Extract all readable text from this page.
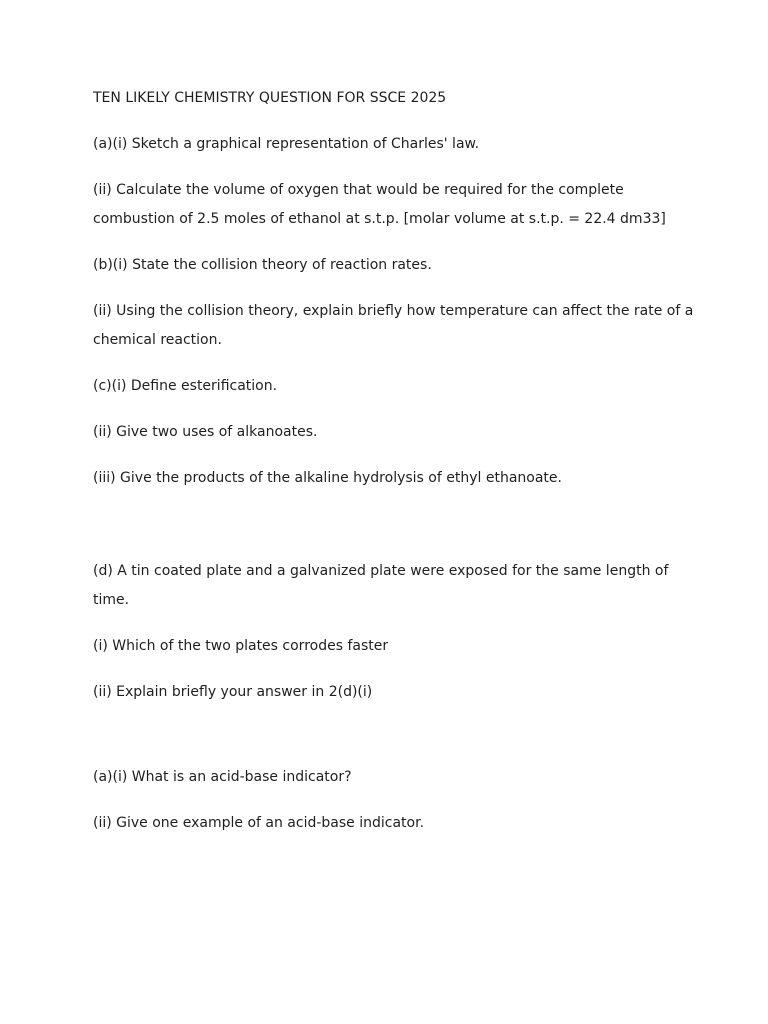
TEN LIKELY CHEMISTRY QUESTION FOR SSCE 2025
(a)(i) Sketch a graphical representation of Charles' law.
(ii) Calculate the volume of oxygen that would be required for the complete
combustion of 2.5 moles of ethanol at s.t.p. [molar volume at s.t.p. = 22.4 dm33]
(b)(i) State the collision theory of reaction rates.
(ii) Using the collision theory, explain briefly how temperature can affect the rate of a
chemical reaction.
(c)(i) Define esterification.
(ii) Give two uses of alkanoates.
(iii) Give the products of the alkaline hydrolysis of ethyl ethanoate.
(d) A tin coated plate and a galvanized plate were exposed for the same length of
time.
(i) Which of the two plates corrodes faster
(ii) Explain briefly your answer in 2(d)(i)
(a)(i) What is an acid-base indicator?
(ii) Give one example of an acid-base indicator.
